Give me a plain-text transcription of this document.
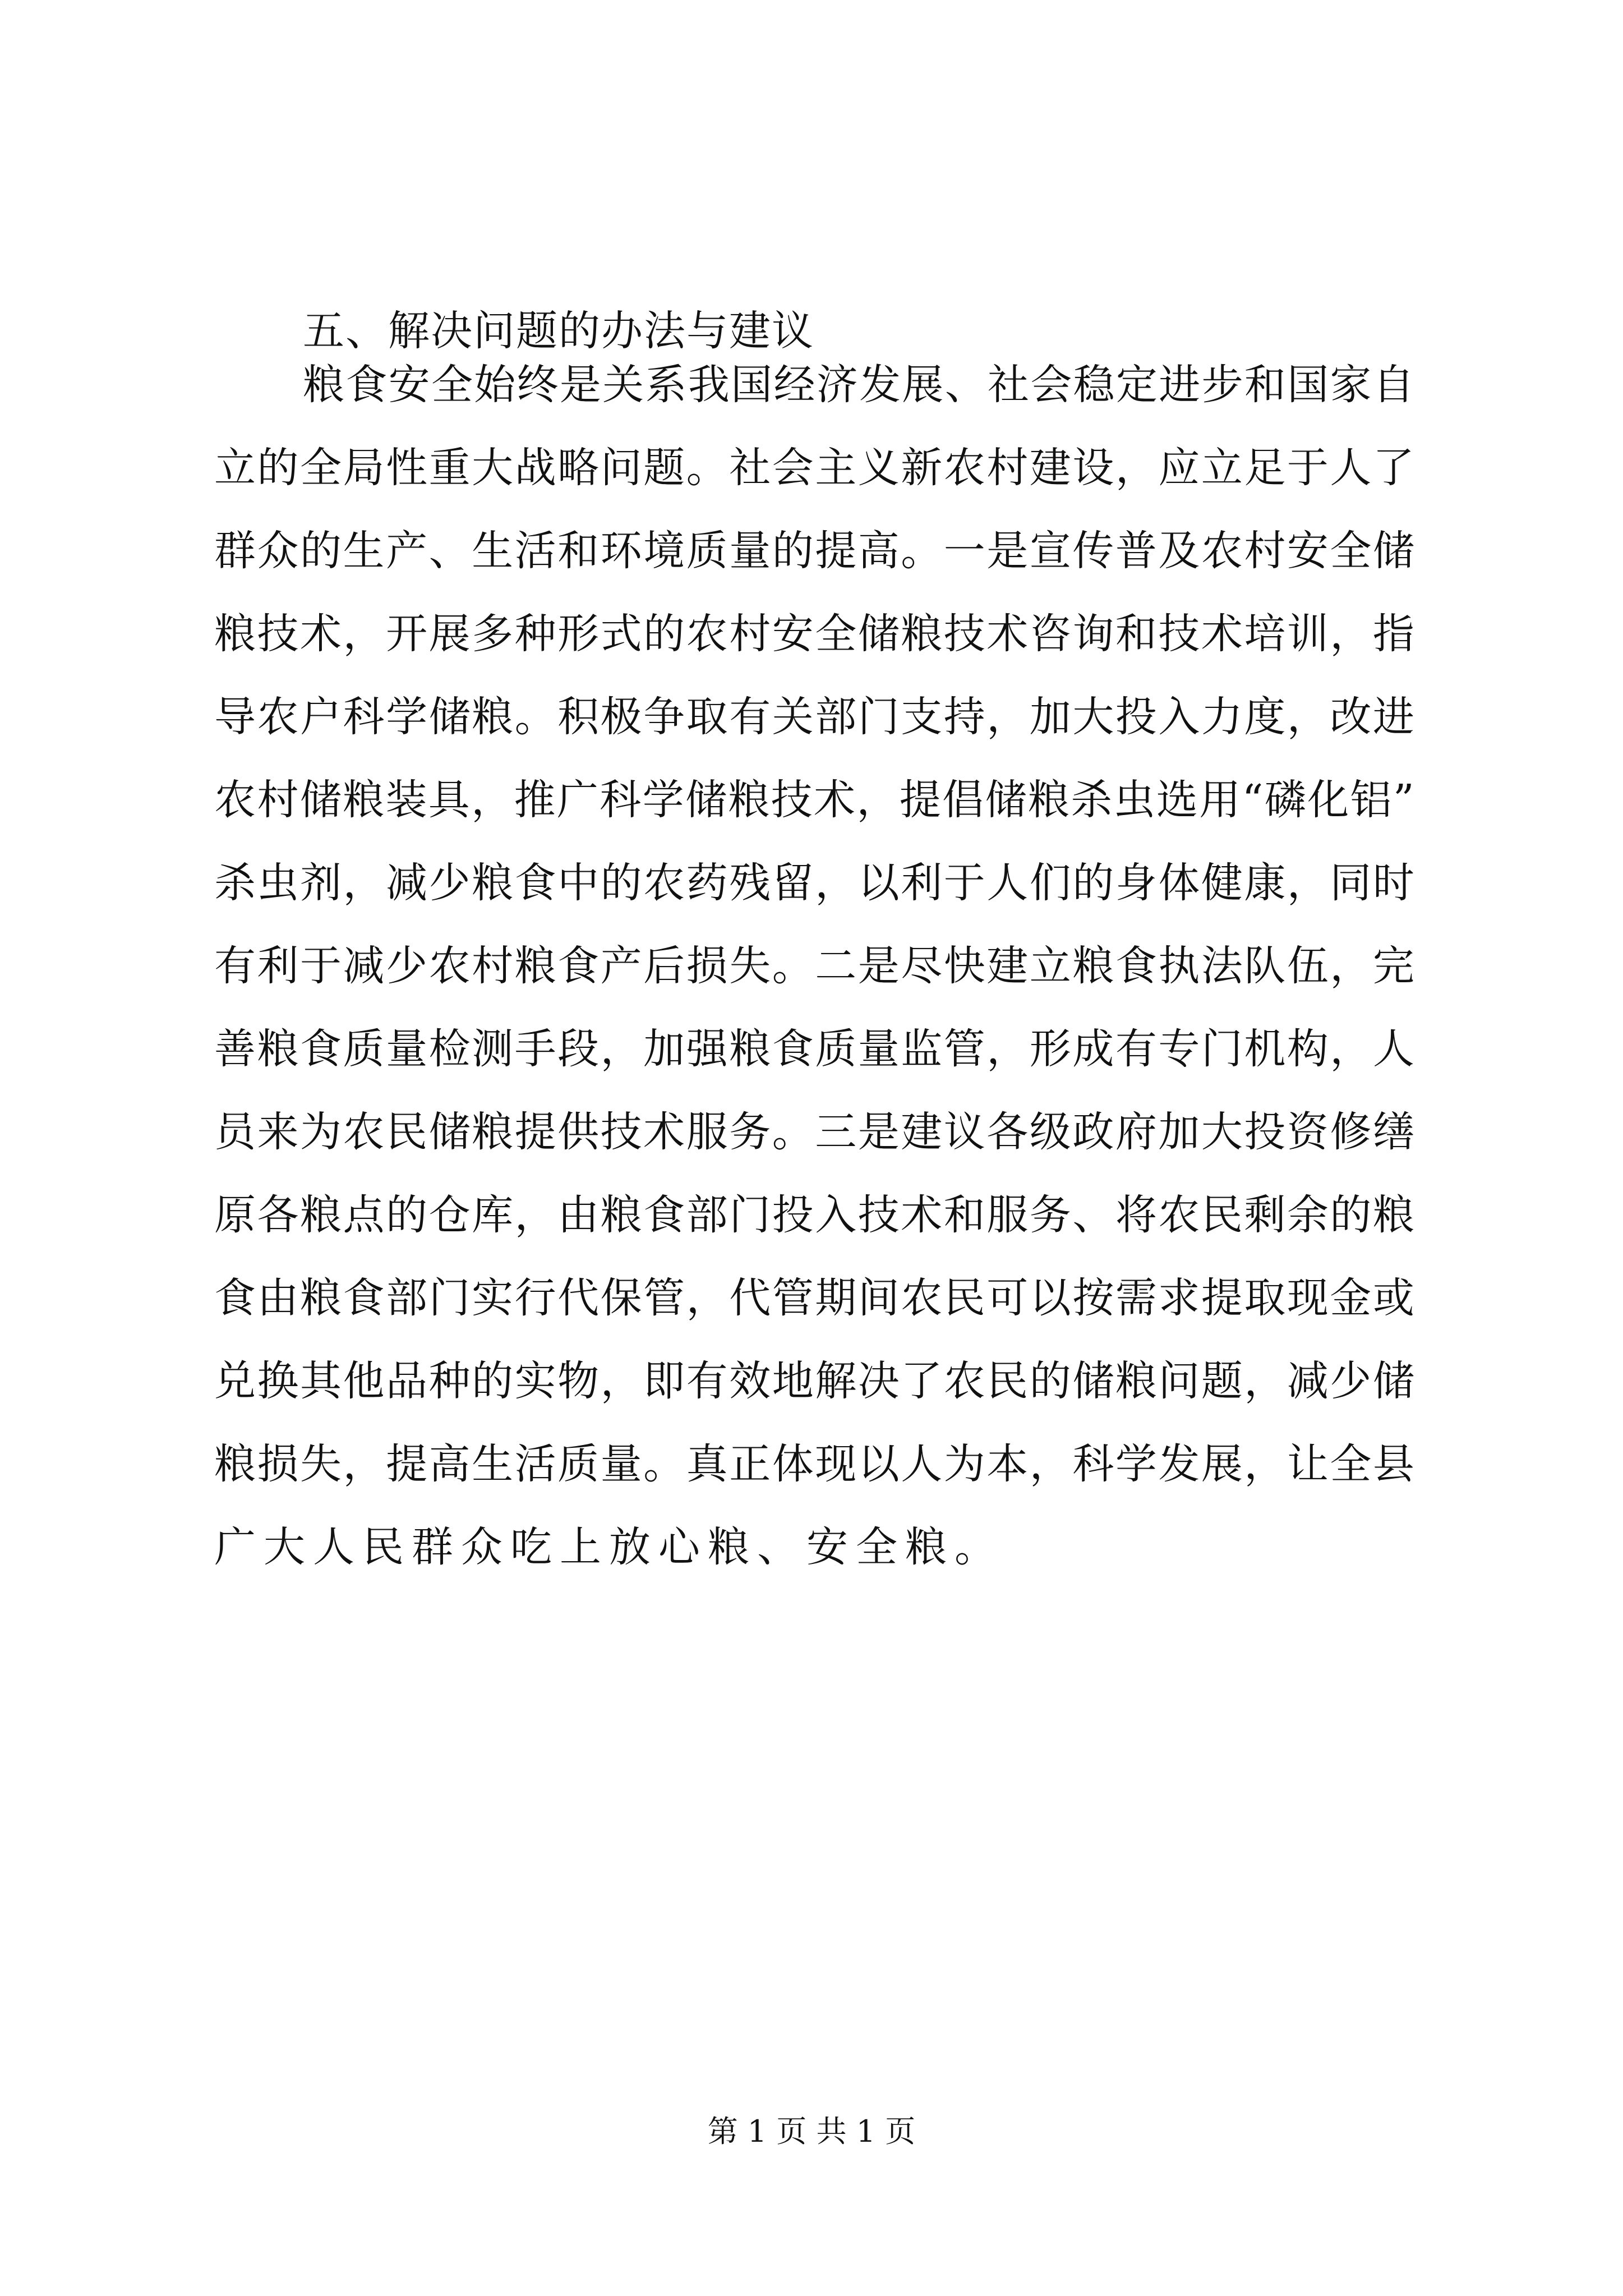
五、解决问题的办法与建议
粮 食 安 全 始 终 是 关 系 我 国 经 济 发 展 、 社 会 稳 定 进 步 和 国 家 自
立 的 全 局 性 重 大 战 略 问 题 。 社 会 主 义 新 农 村 建 设 ， 应 立 足 于 人 了
群 众 的 生 产 、 生 活 和 环 境 质 量 的 提 高 。 一 是 宣 传 普 及 农 村 安 全 储
粮 技 术 ， 开 展 多 种 形 式 的 农 村 安 全 储 粮 技 术 咨 询 和 技 术 培 训 ， 指
导 农 户 科 学 储 粮 。 积 极 争 取 有 关 部 门 支 持 ， 加 大 投 入 力 度 ， 改 进
农 村 储 粮 装 具 ， 推 广 科 学 储 粮 技 术 ， 提 倡 储 粮 杀 虫 选 用 “ 磷 化 铝 ”
杀 虫 剂 ， 减 少 粮 食 中 的 农 药 残 留 ， 以 利 于 人 们 的 身 体 健 康 ， 同 时
有 利 于 减 少 农 村 粮 食 产 后 损 失 。 二 是 尽 快 建 立 粮 食 执 法 队 伍 ， 完
善 粮 食 质 量 检 测 手 段 ， 加 强 粮 食 质 量 监 管 ， 形 成 有 专 门 机 构 ， 人
员 来 为 农 民 储 粮 提 供 技 术 服 务 。 三 是 建 议 各 级 政 府 加 大 投 资 修 缮
原 各 粮 点 的 仓 库 ， 由 粮 食 部 门 投 入 技 术 和 服 务 、 将 农 民 剩 余 的 粮
食 由 粮 食 部 门 实 行 代 保 管 ， 代 管 期 间 农 民 可 以 按 需 求 提 取 现 金 或
兑 换 其 他 品 种 的 实 物 ， 即 有 效 地 解 决 了 农 民 的 储 粮 问 题 ， 减 少 储
粮 损 失 ， 提 高 生 活 质 量 。 真 正 体 现 以 人 为 本 ， 科 学 发 展 ， 让 全 县
广大人民群众吃上放心粮、安全粮。
第 1 页 共 1 页
